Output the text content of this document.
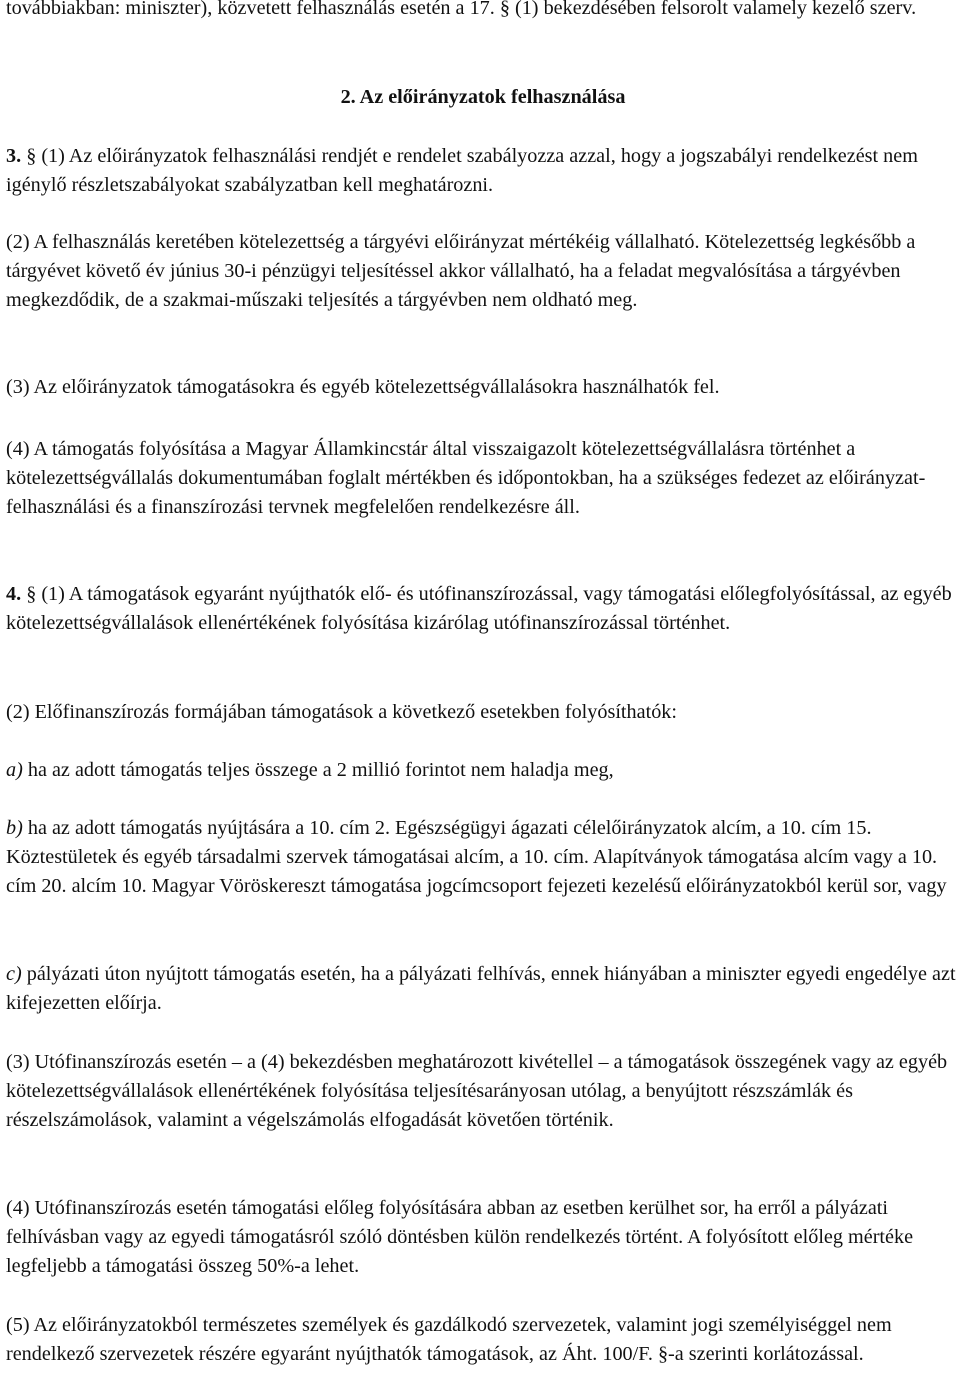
továbbiakban: miniszter), közvetett felhasználás esetén a 17. § (1) bekezdésében felsorolt valamely kezelő szerv.

2. Az előirányzatok felhasználása

3. § (1) Az előirányzatok felhasználási rendjét e rendelet szabályozza azzal, hogy a jogszabályi rendelkezést nem igénylő részletszabályokat szabályzatban kell meghatározni.

(2) A felhasználás keretében kötelezettség a tárgyévi előirányzat mértékéig vállalható. Kötelezettség legkésőbb a tárgyévet követő év június 30-i pénzügyi teljesítéssel akkor vállalható, ha a feladat megvalósítása a tárgyévben megkezdődik, de a szakmai-műszaki teljesítés a tárgyévben nem oldható meg.

(3) Az előirányzatok támogatásokra és egyéb kötelezettségvállalásokra használhatók fel.

(4) A támogatás folyósítása a Magyar Államkincstár által visszaigazolt kötelezettségvállalásra történhet a kötelezettségvállalás dokumentumában foglalt mértékben és időpontokban, ha a szükséges fedezet az előirányzat-felhasználási és a finanszírozási tervnek megfelelően rendelkezésre áll.

4. § (1) A támogatások egyaránt nyújthatók elő- és utófinanszírozással, vagy támogatási előlegfolyósítással, az egyéb kötelezettségvállalások ellenértékének folyósítása kizárólag utófinanszírozással történhet.

(2) Előfinanszírozás formájában támogatások a következő esetekben folyósíthatók:

a) ha az adott támogatás teljes összege a 2 millió forintot nem haladja meg,

b) ha az adott támogatás nyújtására a 10. cím 2. Egészségügyi ágazati célelőirányzatok alcím, a 10. cím 15. Köztestületek és egyéb társadalmi szervek támogatásai alcím, a 10. cím. Alapítványok támogatása alcím vagy a 10. cím 20. alcím 10. Magyar Vöröskereszt támogatása jogcímcsoport fejezeti kezelésű előirányzatokból kerül sor, vagy

c) pályázati úton nyújtott támogatás esetén, ha a pályázati felhívás, ennek hiányában a miniszter egyedi engedélye azt kifejezetten előírja.

(3) Utófinanszírozás esetén – a (4) bekezdésben meghatározott kivétellel – a támogatások összegének vagy az egyéb kötelezettségvállalások ellenértékének folyósítása teljesítésarányosan utólag, a benyújtott részszámlák és részelszámolások, valamint a végelszámolás elfogadását követően történik.

(4) Utófinanszírozás esetén támogatási előleg folyósítására abban az esetben kerülhet sor, ha erről a pályázati felhívásban vagy az egyedi támogatásról szóló döntésben külön rendelkezés történt. A folyósított előleg mértéke legfeljebb a támogatási összeg 50%-a lehet.

(5) Az előirányzatokból természetes személyek és gazdálkodó szervezetek, valamint jogi személyiséggel nem rendelkező szervezetek részére egyaránt nyújthatók támogatások, az Áht. 100/F. §-a szerinti korlátozással.
